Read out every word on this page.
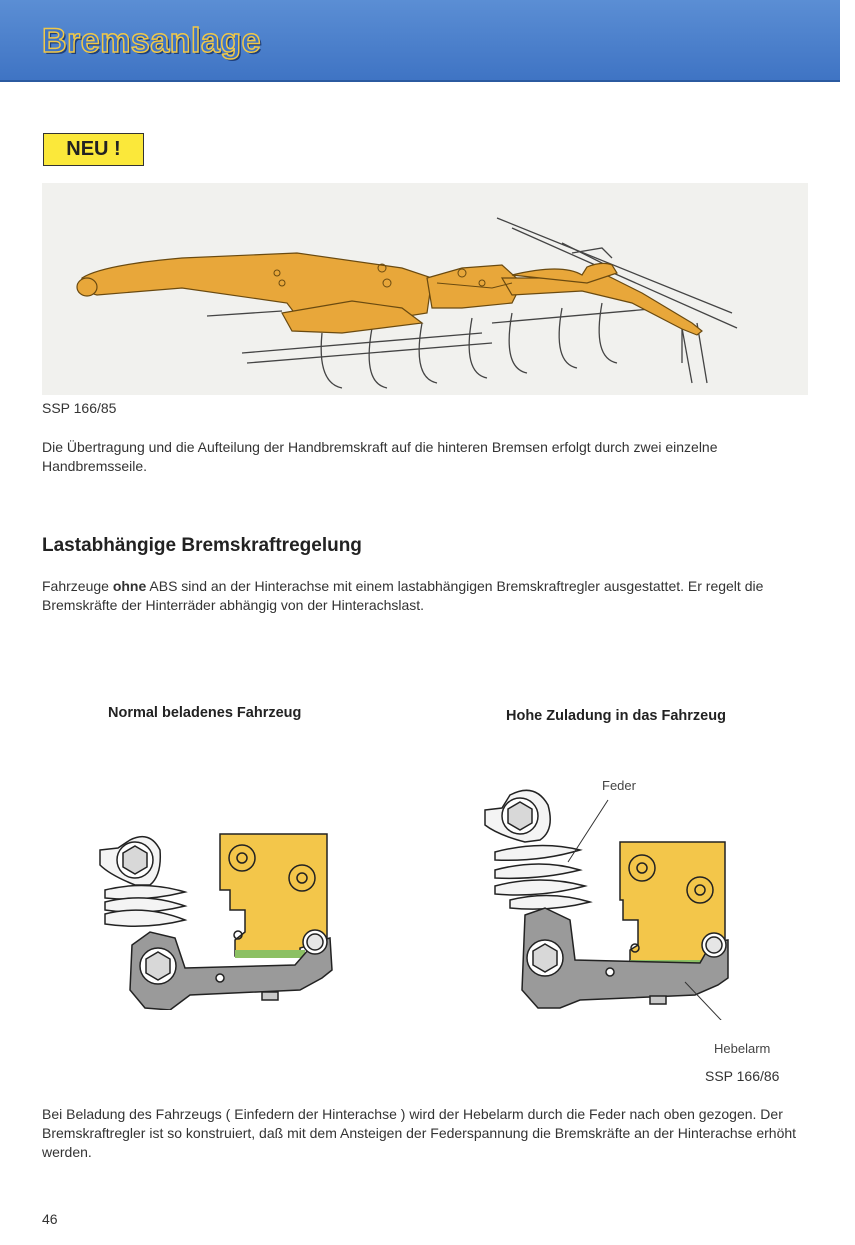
Bremsanlage
NEU !
SSP 166/85
Die Übertragung und die Aufteilung der Handbremskraft auf die hinteren Bremsen erfolgt durch zwei einzelne Handbremsseile.
Lastabhängige Bremskraftregelung
Fahrzeuge ohne ABS sind an der Hinterachse mit einem lastabhängigen Bremskraftregler ausgestattet. Er regelt die Bremskräfte der Hinterräder abhängig von der Hinterachslast.
Normal beladenes Fahrzeug	Hohe Zuladung in das Fahrzeug
Feder
Hebelarm
SSP 166/86
Bei Beladung des Fahrzeugs ( Einfedern der Hinterachse ) wird der Hebelarm durch die Feder nach oben gezogen. Der Bremskraftregler ist so konstruiert, daß mit dem Ansteigen der Federspannung die Bremskräfte an der Hinterachse erhöht werden.
46
